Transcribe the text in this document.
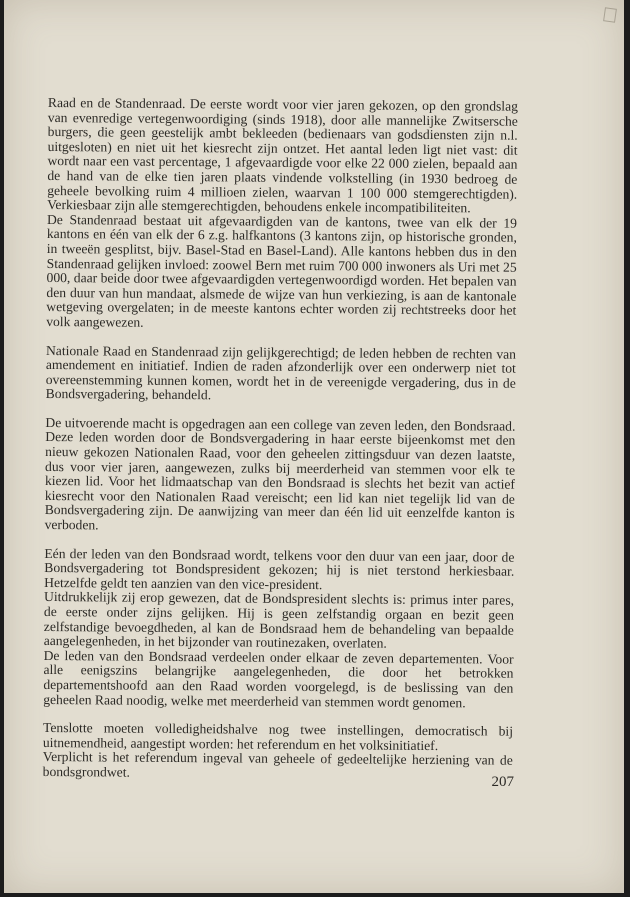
Raad en de Standenraad. De eerste wordt voor vier jaren gekozen, op den grondslag van evenredige vertegenwoordiging (sinds 1918), door alle mannelijke Zwitsersche burgers, die geen geestelijk ambt bekleeden (bedienaars van godsdiensten zijn n.l. uitgesloten) en niet uit het kiesrecht zijn ontzet. Het aantal leden ligt niet vast: dit wordt naar een vast percentage, 1 afgevaardigde voor elke 22 000 zielen, bepaald aan de hand van de elke tien jaren plaats vindende volkstelling (in 1930 bedroeg de geheele bevolking ruim 4 millioen zielen, waarvan 1 100 000 stemgerechtigden). Verkiesbaar zijn alle stemgerechtigden, behoudens enkele incompatibiliteiten.

De Standenraad bestaat uit afgevaardigden van de kantons, twee van elk der 19 kantons en één van elk der 6 z.g. halfkantons (3 kantons zijn, op historische gronden, in tweeën gesplitst, bijv. Basel-Stad en Basel-Land). Alle kantons hebben dus in den Standenraad gelijken invloed: zoowel Bern met ruim 700 000 inwoners als Uri met 25 000, daar beide door twee afgevaardigden vertegenwoordigd worden. Het bepalen van den duur van hun mandaat, alsmede de wijze van hun verkiezing, is aan de kantonale wetgeving overgelaten; in de meeste kantons echter worden zij rechtstreeks door het volk aangewezen.

Nationale Raad en Standenraad zijn gelijkgerechtigd; de leden hebben de rechten van amendement en initiatief. Indien de raden afzonderlijk over een onderwerp niet tot overeenstemming kunnen komen, wordt het in de vereenigde vergadering, dus in de Bondsvergadering, behandeld.

De uitvoerende macht is opgedragen aan een college van zeven leden, den Bondsraad. Deze leden worden door de Bondsvergadering in haar eerste bijeenkomst met den nieuw gekozen Nationalen Raad, voor den geheelen zittingsduur van dezen laatste, dus voor vier jaren, aangewezen, zulks bij meerderheid van stemmen voor elk te kiezen lid. Voor het lidmaatschap van den Bondsraad is slechts het bezit van actief kiesrecht voor den Nationalen Raad vereischt; een lid kan niet tegelijk lid van de Bondsvergadering zijn. De aanwijzing van meer dan één lid uit eenzelfde kanton is verboden.

Eén der leden van den Bondsraad wordt, telkens voor den duur van een jaar, door de Bondsvergadering tot Bondspresident gekozen; hij is niet terstond herkiesbaar. Hetzelfde geldt ten aanzien van den vice-president.

Uitdrukkelijk zij erop gewezen, dat de Bondspresident slechts is: primus inter pares, de eerste onder zijns gelijken. Hij is geen zelfstandig orgaan en bezit geen zelfstandige bevoegdheden, al kan de Bondsraad hem de behandeling van bepaalde aangelegenheden, in het bijzonder van routinezaken, overlaten.

De leden van den Bondsraad verdeelen onder elkaar de zeven departementen. Voor alle eenigszins belangrijke aangelegenheden, die door het betrokken departementshoofd aan den Raad worden voorgelegd, is de beslissing van den geheelen Raad noodig, welke met meerderheid van stemmen wordt genomen.

Tenslotte moeten volledigheidshalve nog twee instellingen, democratisch bij uitnemendheid, aangestipt worden: het referendum en het volksinitiatief.

Verplicht is het referendum ingeval van geheele of gedeeltelijke herziening van de bondsgrondwet.

207
